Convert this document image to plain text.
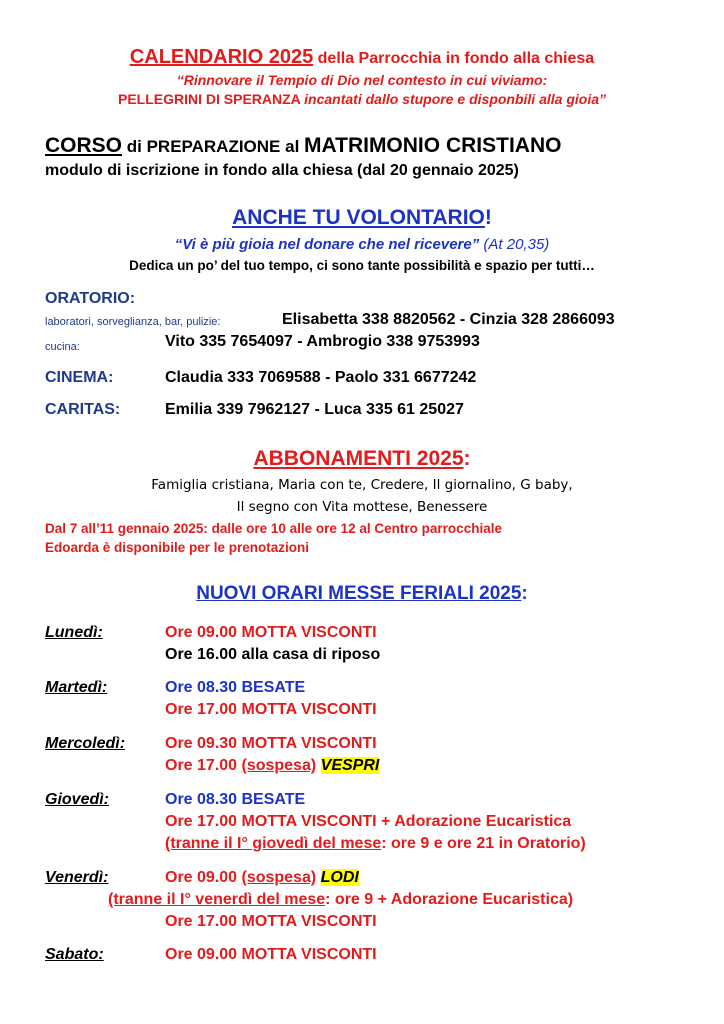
CALENDARIO 2025 della Parrocchia in fondo alla chiesa
“Rinnovare il Tempio di Dio nel contesto in cui viviamo:
PELLEGRINI DI SPERANZA incantati dallo stupore e disponbili alla gioia”
CORSO di PREPARAZIONE al MATRIMONIO CRISTIANO
modulo di iscrizione in fondo alla chiesa (dal 20 gennaio 2025)
ANCHE TU VOLONTARIO!
“Vi è più gioia nel donare che nel ricevere” (At 20,35)
Dedica un po’ del tuo tempo, ci sono tante possibilità e spazio per tutti…
ORATORIO:
laboratori, sorveglianza, bar, pulizie:	Elisabetta 338 8820562 - Cinzia 328 2866093
cucina:	Vito 335 7654097 - Ambrogio 338 9753993
CINEMA:	Claudia 333 7069588 - Paolo 331 6677242
CARITAS:	Emilia 339 7962127 - Luca 335 61 25027
ABBONAMENTI 2025:
Famiglia cristiana, Maria con te, Credere, Il giornalino, G baby,
Il segno con Vita mottese, Benessere
Dal 7 all’11 gennaio 2025: dalle ore 10 alle ore 12 al Centro parrocchiale
Edoarda è disponibile per le prenotazioni
NUOVI ORARI MESSE FERIALI 2025:
Lunedì:	Ore 09.00 MOTTA VISCONTI
Ore 16.00 alla casa di riposo
Martedì:	Ore 08.30 BESATE
Ore 17.00 MOTTA VISCONTI
Mercoledì: Ore 09.30 MOTTA VISCONTI
Ore 17.00 (sospesa) VESPRI
Giovedì:	Ore 08.30 BESATE
Ore 17.00 MOTTA VISCONTI + Adorazione Eucaristica
(tranne il I° giovedì del mese: ore 9 e ore 21 in Oratorio)
Venerdì:	Ore 09.00 (sospesa) LODI
(tranne il I° venerdì del mese: ore 9 + Adorazione Eucaristica)
Ore 17.00 MOTTA VISCONTI
Sabato:	Ore 09.00 MOTTA VISCONTI
